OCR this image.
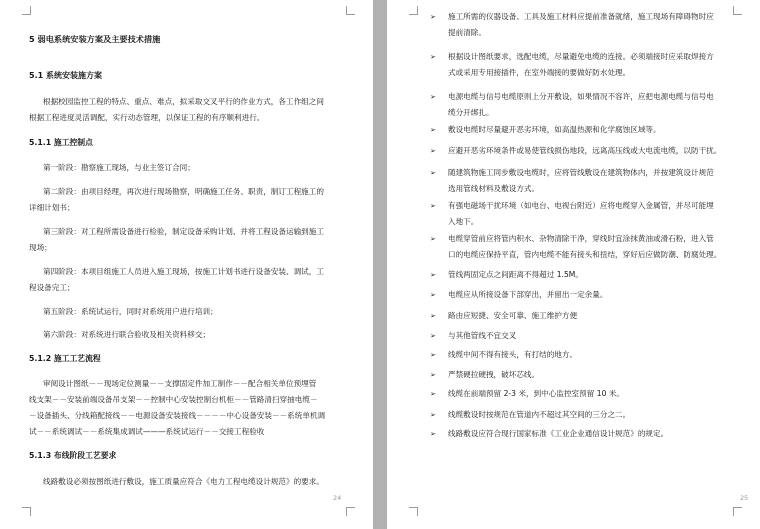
5 弱电系统安装方案及主要技术措施
5.1 系统安装施方案
根据校园监控工程的特点、重点、难点，拟采取交叉平行的作业方式，各工作组之间
根据工程进度灵活调配，实行动态管理，以保证工程的有序顺利进行。
5.1.1 施工控制点
第一阶段：勘察施工现场，与业主签订合同；
第二阶段：由项目经理，再次进行现场勘察，明确施工任务、职责，制订工程施工的
详细计划书；
第三阶段：对工程所需设备进行检验，制定设备采购计划、并将工程设备运输到施工
现场；
第四阶段：本项目组施工人员进入施工现场，按施工计划书进行设备安装、调试，工
程设备完工；
第五阶段：系统试运行，同时对系统用户进行培训；
第六阶段：对系统进行联合验收及相关资料移交；
5.1.2 施工工艺流程
审阅设计图纸－－现场定位测量－－支撑固定件加工制作－－配合相关单位预埋管
线支架－－安装前端设备吊支架－－控制中心安装控制台机柜－－管路清扫穿抽电缆－
－设备插头、分线箱配接线－－电源设备安装接线－－－－中心设备安装－－系统单机调
试－－系统调试－－系统集成调试———系统试运行－－交接工程验收
5.1.3 布线阶段工艺要求
线路敷设必须按图纸进行敷设，施工质量应符合《电力工程电缆设计规范》的要求。
24
➢ 施工所需的仪器设备、工具及施工材料应提前准备就绪，施工现场有障碍物时应
提前清除。
➢ 根据设计图纸要求，选配电缆，尽量避免电缆的连接。必须端接时应采取焊接方
式或采用专用接插件，在室外端接的要做好防水处理。
➢ 电源电缆与信号电缆原则上分开敷设，如果情况不容许，应把电源电缆与信号电
缆分开绑扎。
➢ 敷设电缆时尽量避开恶劣环境，如高温热源和化学腐蚀区域等。
➢ 应避开恶劣环境条件或易使管线损伤地段，远离高压线或大电流电缆，以防干扰。
➢ 随建筑物施工同步敷设电缆时，应将管线敷设在建筑物体内，并按建筑设计规范
选用管线材料及敷设方式。
➢ 有强电磁场干扰环境（如电台、电视台附近）应将电缆穿入金属管，并尽可能埋
入地下。
➢ 电缆穿管前应将管内积水、杂物清除干净，穿线时宜涂抹黄油或滑石粉，进入管
口的电缆应保持平直，管内电缆不能有接头和扭结，穿好后应做防潮、防腐处理。
➢ 管线两固定点之间距离不得超过 1.5M。
➢ 电缆应从所接设备下部穿出，并留出一定余量。
➢ 路由应短捷、安全可靠、施工维护方便
➢ 与其他管线不宜交叉
➢ 线缆中间不得有接头，有打结的地方。
➢ 严禁硬拉硬拽，破坏芯线。
➢ 线缆在前端预留 2-3 米，到中心监控室预留 10 米。
➢ 线缆敷设时按规范在管道内不超过其空间的三分之二。
➢ 线路敷设应符合现行国家标准《工业企业通信设计规范》的规定。
25
